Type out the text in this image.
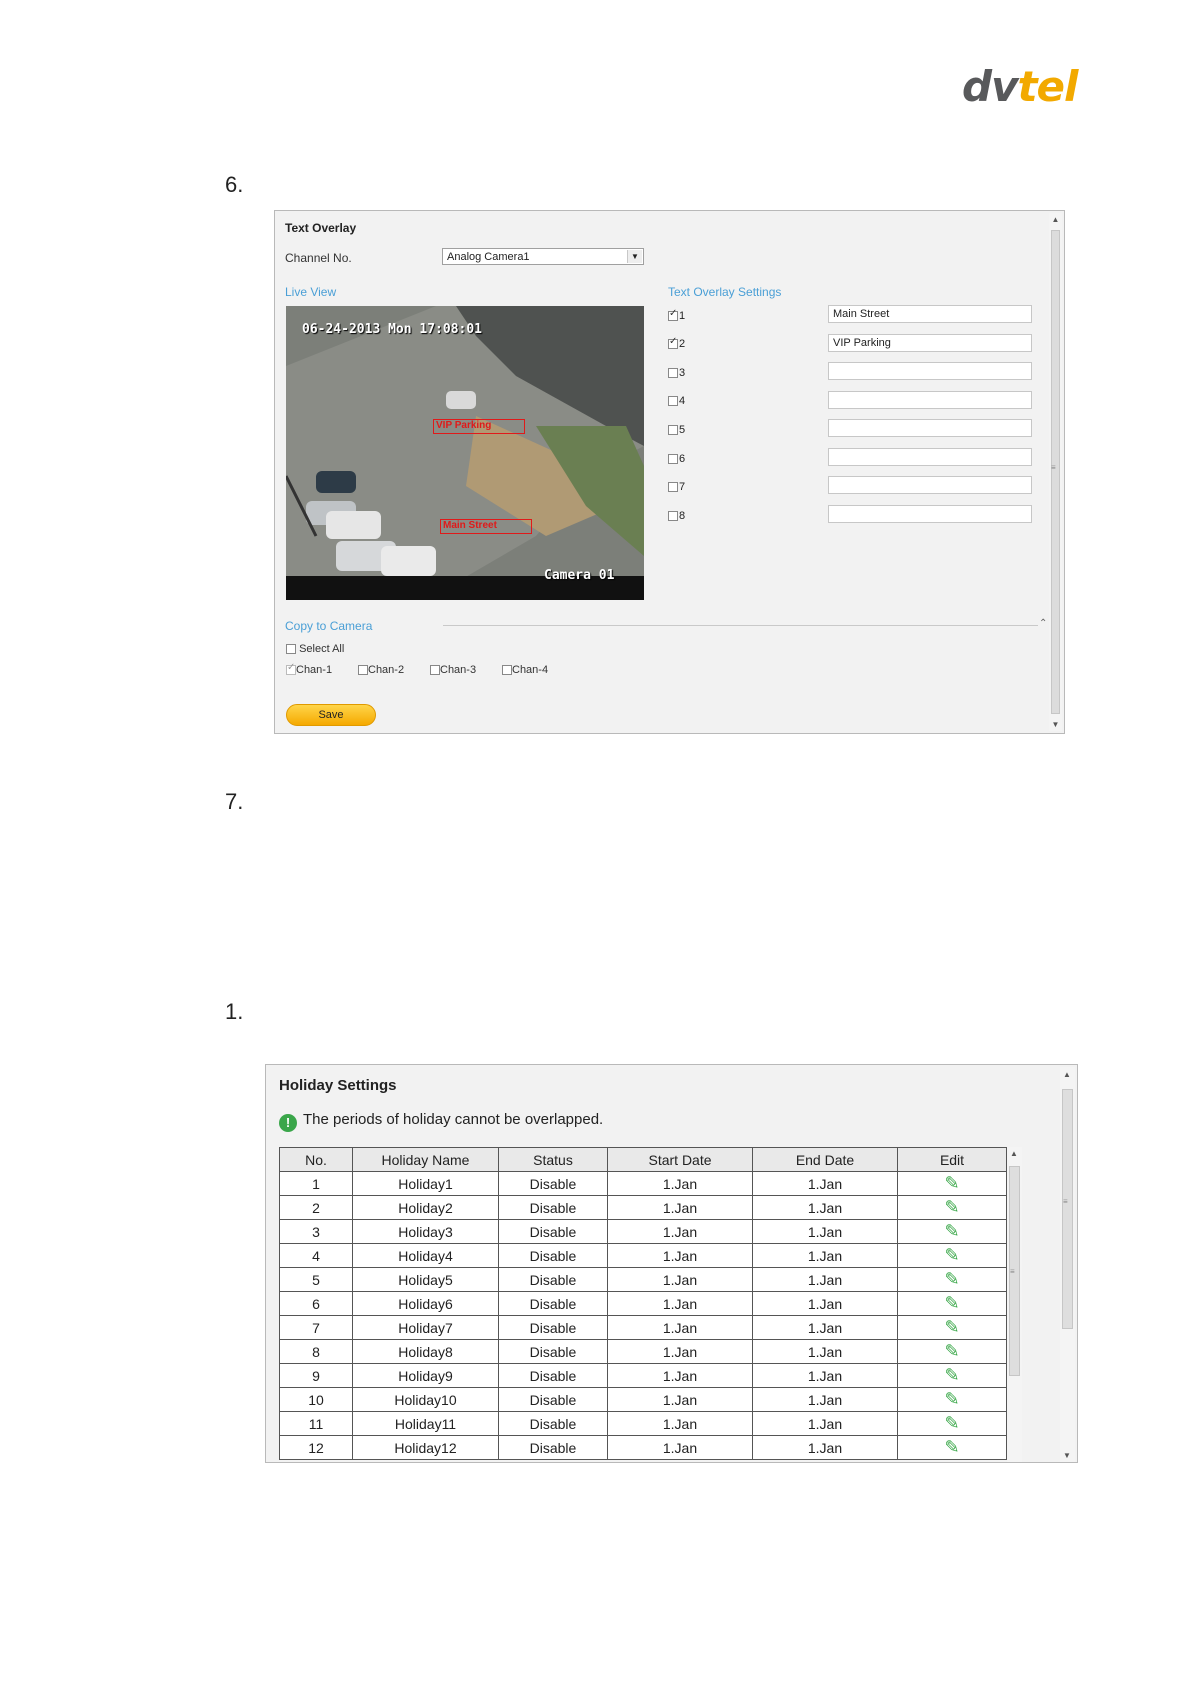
dvtel
6.
7.
1.
Text Overlay
Channel No.	Analog Camera1	▼
Live View	Text Overlay Settings
06-24-2013 Mon 17:08:01
VIP Parking
Main Street
Camera 01
✓1	Main Street
✓2	VIP Parking
3
4
5
6
7
8
Copy to Camera	⌃
Select All
✓Chan-1	Chan-2	Chan-3	Chan-4
Save
▲
≡
▼
Holiday Settings
! The periods of holiday cannot be overlapped.
No.	Holiday Name	Status	Start Date	End Date	Edit
1	Holiday1	Disable	1.Jan	1.Jan	✎
2	Holiday2	Disable	1.Jan	1.Jan	✎
3	Holiday3	Disable	1.Jan	1.Jan	✎
4	Holiday4	Disable	1.Jan	1.Jan	✎
5	Holiday5	Disable	1.Jan	1.Jan	✎
6	Holiday6	Disable	1.Jan	1.Jan	✎
7	Holiday7	Disable	1.Jan	1.Jan	✎
8	Holiday8	Disable	1.Jan	1.Jan	✎
9	Holiday9	Disable	1.Jan	1.Jan	✎
10	Holiday10	Disable	1.Jan	1.Jan	✎
11	Holiday11	Disable	1.Jan	1.Jan	✎
12	Holiday12	Disable	1.Jan	1.Jan	✎
▲
≡
▲
≡
▼
